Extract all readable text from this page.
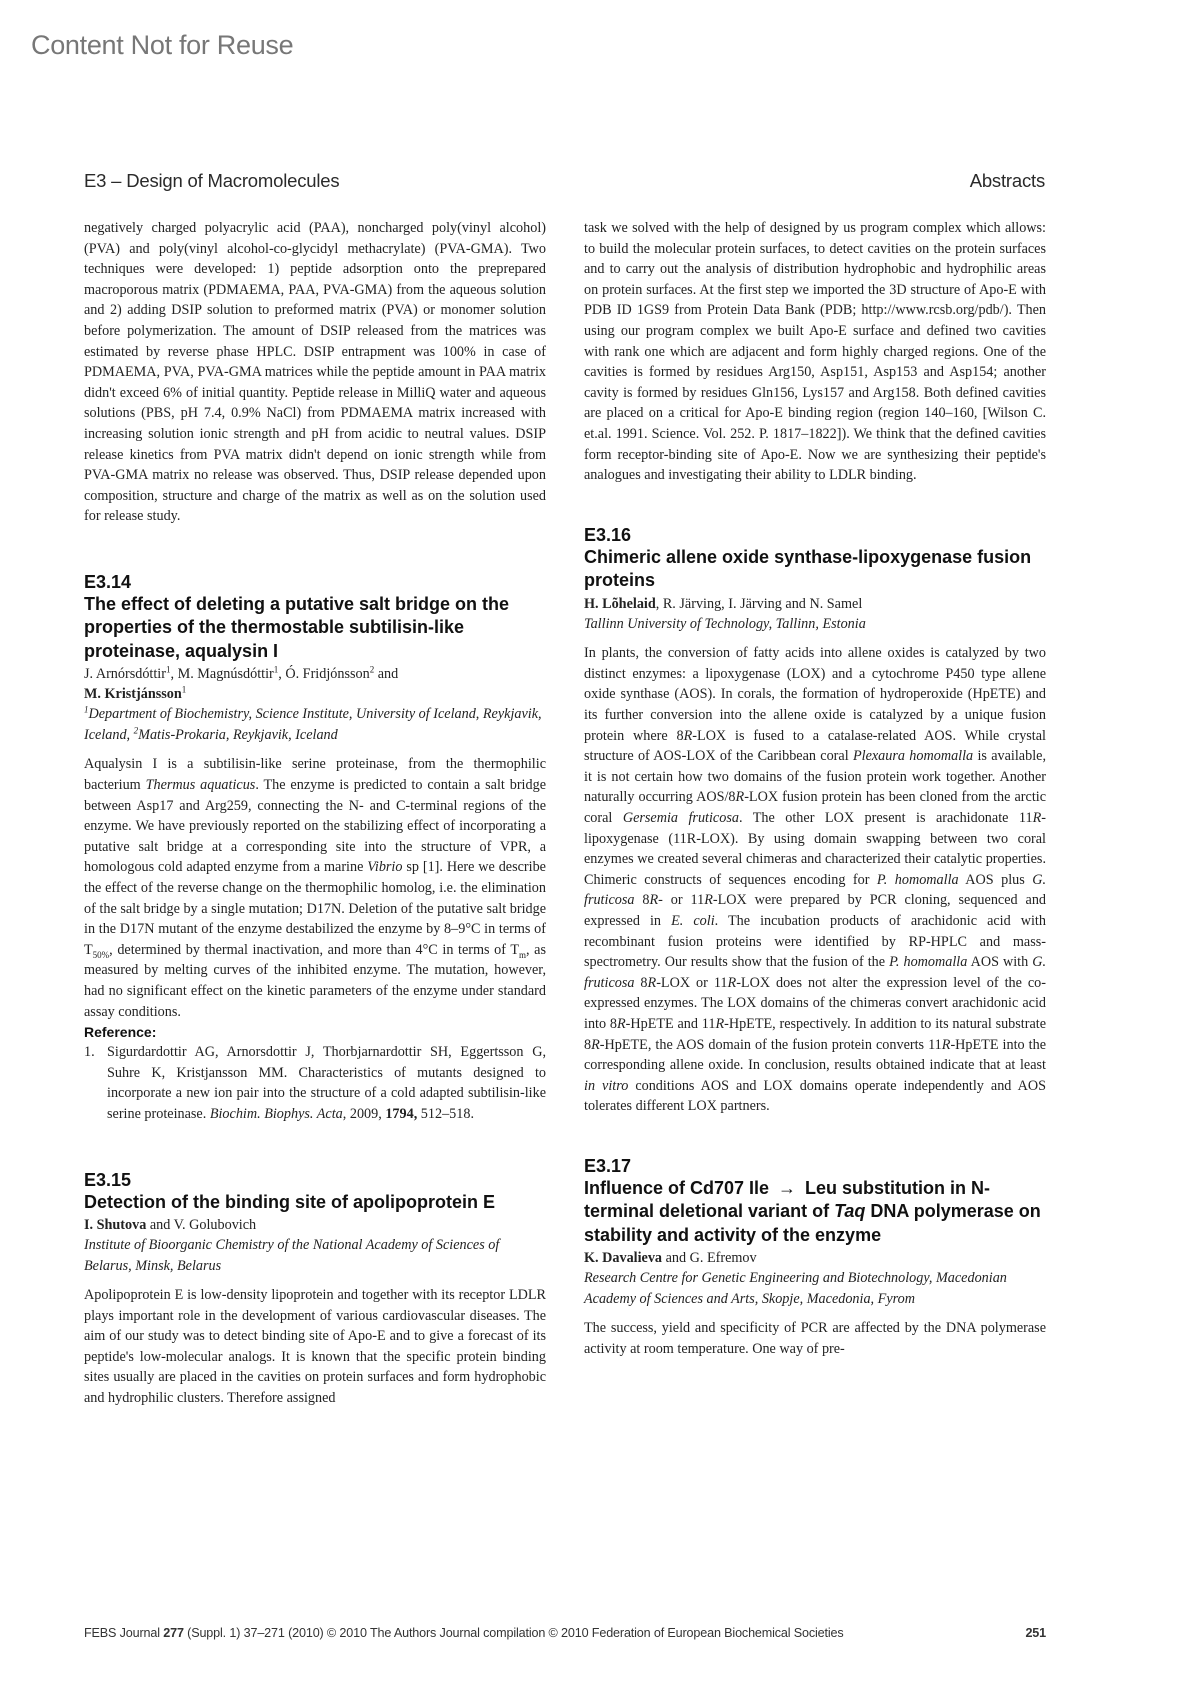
Content Not for Reuse
E3 – Design of Macromolecules	Abstracts

negatively charged polyacrylic acid (PAA), noncharged poly(vinyl alcohol) (PVA) and poly(vinyl alcohol-co-glycidyl methacrylate) (PVA-GMA). Two techniques were developed: 1) peptide adsorption onto the preprepared macroporous matrix (PDMAEMA, PAA, PVA-GMA) from the aqueous solution and 2) adding DSIP solution to preformed matrix (PVA) or monomer solution before polymerization. The amount of DSIP released from the matrices was estimated by reverse phase HPLC. DSIP entrapment was 100% in case of PDMAEMA, PVA, PVA-GMA matrices while the peptide amount in PAA matrix didn't exceed 6% of initial quantity. Peptide release in MilliQ water and aqueous solutions (PBS, pH 7.4, 0.9% NaCl) from PDMAEMA matrix increased with increasing solution ionic strength and pH from acidic to neutral values. DSIP release kinetics from PVA matrix didn't depend on ionic strength while from PVA-GMA matrix no release was observed. Thus, DSIP release depended upon composition, structure and charge of the matrix as well as on the solution used for release study.

E3.14
The effect of deleting a putative salt bridge on the properties of the thermostable subtilisin-like proteinase, aqualysin I
J. Arnórsdóttir$^1$, M. Magnúsdóttir$^1$, Ó. Fridjónsson$^2$ and
M. Kristjánsson$^1$
$^1$Department of Biochemistry, Science Institute, University of Iceland, Reykjavik, Iceland, $^2$Matis-Prokaria, Reykjavik, Iceland

Aqualysin I is a subtilisin-like serine proteinase, from the thermophilic bacterium Thermus aquaticus. The enzyme is predicted to contain a salt bridge between Asp17 and Arg259, connecting the N- and C-terminal regions of the enzyme. We have previously reported on the stabilizing effect of incorporating a putative salt bridge at a corresponding site into the structure of VPR, a homologous cold adapted enzyme from a marine Vibrio sp [1]. Here we describe the effect of the reverse change on the thermophilic homolog, i.e. the elimination of the salt bridge by a single mutation; D17N. Deletion of the putative salt bridge in the D17N mutant of the enzyme destabilized the enzyme by 8–9°C in terms of $T_{50\%}$, determined by thermal inactivation, and more than 4°C in terms of $T_m$, as measured by melting curves of the inhibited enzyme. The mutation, however, had no significant effect on the kinetic parameters of the enzyme under standard assay conditions.

Reference:
1. Sigurdardottir AG, Arnorsdottir J, Thorbjarnardottir SH, Eggertsson G, Suhre K, Kristjansson MM. Characteristics of mutants designed to incorporate a new ion pair into the structure of a cold adapted subtilisin-like serine proteinase. Biochim. Biophys. Acta, 2009, 1794, 512–518.
E3.15
Detection of the binding site of apolipoprotein E
I. Shutova and V. Golubovich
Institute of Bioorganic Chemistry of the National Academy of Sciences of Belarus, Minsk, Belarus

Apolipoprotein E is low-density lipoprotein and together with its receptor LDLR plays important role in the development of various cardiovascular diseases. The aim of our study was to detect binding site of Apo-E and to give a forecast of its peptide's low-molecular analogs. It is known that the specific protein binding sites usually are placed in the cavities on protein surfaces and form hydrophobic and hydrophilic clusters. Therefore assigned

task we solved with the help of designed by us program complex which allows: to build the molecular protein surfaces, to detect cavities on the protein surfaces and to carry out the analysis of distribution hydrophobic and hydrophilic areas on protein surfaces. At the first step we imported the 3D structure of Apo-E with PDB ID 1GS9 from Protein Data Bank (PDB; http://www.rcsb.org/pdb/). Then using our program complex we built Apo-E surface and defined two cavities with rank one which are adjacent and form highly charged regions. One of the cavities is formed by residues Arg150, Asp151, Asp153 and Asp154; another cavity is formed by residues Gln156, Lys157 and Arg158. Both defined cavities are placed on a critical for Apo-E binding region (region 140–160, [Wilson C. et.al. 1991. Science. Vol. 252. P. 1817–1822]). We think that the defined cavities form receptor-binding site of Apo-E. Now we are synthesizing their peptide's analogues and investigating their ability to LDLR binding.

E3.16
Chimeric allene oxide synthase-lipoxygenase fusion proteins
H. Lõhelaid, R. Järving, I. Järving and N. Samel
Tallinn University of Technology, Tallinn, Estonia

In plants, the conversion of fatty acids into allene oxides is catalyzed by two distinct enzymes: a lipoxygenase (LOX) and a cytochrome P450 type allene oxide synthase (AOS). In corals, the formation of hydroperoxide (HpETE) and its further conversion into the allene oxide is catalyzed by a unique fusion protein where 8R-LOX is fused to a catalase-related AOS. While crystal structure of AOS-LOX of the Caribbean coral Plexaura homomalla is available, it is not certain how two domains of the fusion protein work together. Another naturally occurring AOS/8R-LOX fusion protein has been cloned from the arctic coral Gersemia fruticosa. The other LOX present is arachidonate 11R-lipoxygenase (11R-LOX). By using domain swapping between two coral enzymes we created several chimeras and characterized their catalytic properties. Chimeric constructs of sequences encoding for P. homomalla AOS plus G. fruticosa 8R- or 11R-LOX were prepared by PCR cloning, sequenced and expressed in E. coli. The incubation products of arachidonic acid with recombinant fusion proteins were identified by RP-HPLC and mass-spectrometry. Our results show that the fusion of the P. homomalla AOS with G. fruticosa 8R-LOX or 11R-LOX does not alter the expression level of the co-expressed enzymes. The LOX domains of the chimeras convert arachidonic acid into 8R-HpETE and 11R-HpETE, respectively. In addition to its natural substrate 8R-HpETE, the AOS domain of the fusion protein converts 11R-HpETE into the corresponding allene oxide. In conclusion, results obtained indicate that at least in vitro conditions AOS and LOX domains operate independently and AOS tolerates different LOX partners.

E3.17
Influence of Cd707 Ile → Leu substitution in N-terminal deletional variant of Taq DNA polymerase on stability and activity of the enzyme
K. Davalieva and G. Efremov
Research Centre for Genetic Engineering and Biotechnology, Macedonian Academy of Sciences and Arts, Skopje, Macedonia, Fyrom

The success, yield and specificity of PCR are affected by the DNA polymerase activity at room temperature. One way of pre-

FEBS Journal 277 (Suppl. 1) 37–271 (2010) © 2010 The Authors Journal compilation © 2010 Federation of European Biochemical Societies	251
